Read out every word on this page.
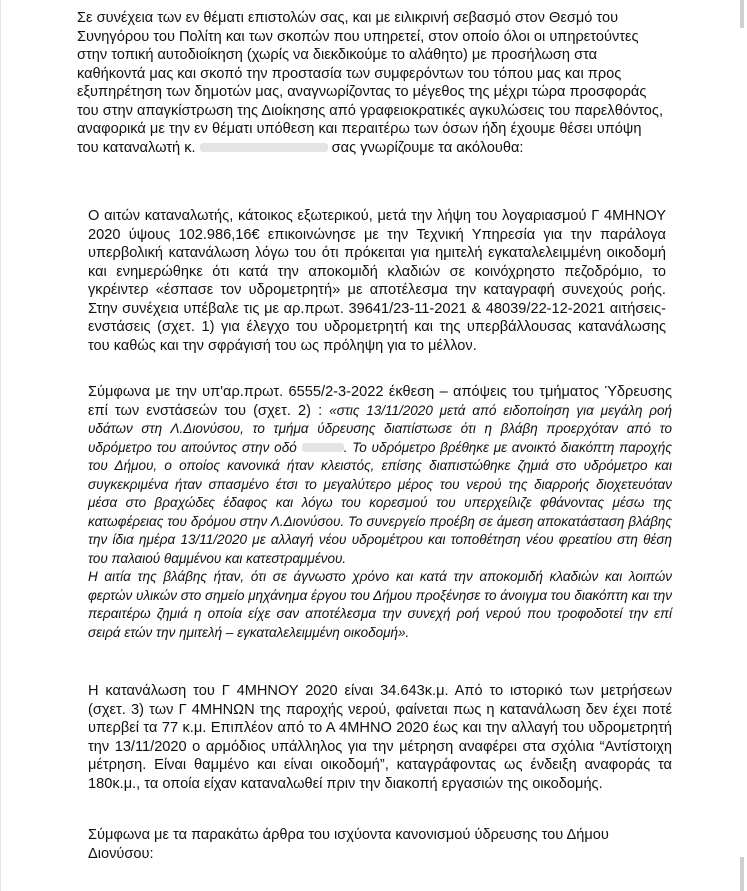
Σε συνέχεια των εν θέματι επιστολών σας, και με ειλικρινή σεβασμό στον Θεσμό του Συνηγόρου του Πολίτη και των σκοπών που υπηρετεί, στον οποίο όλοι οι υπηρετούντες στην τοπική αυτοδιοίκηση (χωρίς να διεκδικούμε το αλάθητο) με προσήλωση στα καθήκοντά μας και σκοπό την προστασία των συμφερόντων του τόπου μας και προς εξυπηρέτηση των δημοτών μας, αναγνωρίζοντας το μέγεθος της μέχρι τώρα προσφοράς του στην απαγκίστρωση της Διοίκησης από γραφειοκρατικές αγκυλώσεις του παρελθόντος, αναφορικά με την εν θέματι υπόθεση και περαιτέρω των όσων ήδη έχουμε θέσει υπόψη του καταναλωτή κ.	σας γνωρίζουμε τα ακόλουθα:

Ο αιτών καταναλωτής, κάτοικος εξωτερικού, μετά την λήψη του λογαριασμού Γ 4ΜΗΝΟΥ 2020 ύψους 102.986,16€ επικοινώνησε με την Τεχνική Υπηρεσία για την παράλογα υπερβολική κατανάλωση λόγω του ότι πρόκειται για ημιτελή εγκαταλελειμμένη οικοδομή και ενημερώθηκε ότι κατά την αποκομιδή κλαδιών σε κοινόχρηστο πεζοδρόμιο, το γκρέιντερ «έσπασε τον υδρομετρητή» με αποτέλεσμα την καταγραφή συνεχούς ροής. Στην συνέχεια υπέβαλε τις με αρ.πρωτ. 39641/23-11-2021 & 48039/22-12-2021 αιτήσεις-ενστάσεις (σχετ. 1) για έλεγχο του υδρομετρητή και της υπερβάλλουσας κατανάλωσης του καθώς και την σφράγισή του ως πρόληψη για το μέλλον.

Σύμφωνα με την υπ'αρ.πρωτ. 6555/2-3-2022 έκθεση – απόψεις του τμήματος Ύδρευσης επί των ενστάσεών του (σχετ. 2) : «στις 13/11/2020 μετά από ειδοποίηση για μεγάλη ροή υδάτων στη Λ.Διονύσου, το τμήμα ύδρευσης διαπίστωσε ότι η βλάβη προερχόταν από το υδρόμετρο του αιτούντος στην οδό	. Το υδρόμετρο βρέθηκε με ανοικτό διακόπτη παροχής του Δήμου, ο οποίος κανονικά ήταν κλειστός, επίσης διαπιστώθηκε ζημιά στο υδρόμετρο και συγκεκριμένα ήταν σπασμένο έτσι το μεγαλύτερο μέρος του νερού της διαρροής διοχετευόταν μέσα στο βραχώδες έδαφος και λόγω του κορεσμού του υπερχείλιζε φθάνοντας μέσω της κατωφέρειας του δρόμου στην Λ.Διονύσου. Το συνεργείο προέβη σε άμεση αποκατάσταση βλάβης την ίδια ημέρα 13/11/2020 με αλλαγή νέου υδρομέτρου και τοποθέτηση νέου φρεατίου στη θέση του παλαιού θαμμένου και κατεστραμμένου.
Η αιτία της βλάβης ήταν, ότι σε άγνωστο χρόνο και κατά την αποκομιδή κλαδιών και λοιπών φερτών υλικών στο σημείο μηχάνημα έργου του Δήμου προξένησε το άνοιγμα του διακόπτη και την περαιτέρω ζημιά η οποία είχε σαν αποτέλεσμα την συνεχή ροή νερού που τροφοδοτεί την επί σειρά ετών την ημιτελή – εγκαταλελειμμένη οικοδομή».

Η κατανάλωση του Γ 4ΜΗΝΟΥ 2020 είναι 34.643κ.μ. Από το ιστορικό των μετρήσεων (σχετ. 3) των Γ 4ΜΗΝΩΝ της παροχής νερού, φαίνεται πως η κατανάλωση δεν έχει ποτέ υπερβεί τα 77 κ.μ. Επιπλέον από το Α 4ΜΗΝΟ 2020 έως και την αλλαγή του υδρομετρητή την 13/11/2020 ο αρμόδιος υπάλληλος για την μέτρηση αναφέρει στα σχόλια “Αντίστοιχη μέτρηση. Είναι θαμμένο και είναι οικοδομή”, καταγράφοντας ως ένδειξη αναφοράς τα 180κ.μ., τα οποία είχαν καταναλωθεί πριν την διακοπή εργασιών της οικοδομής.

Σύμφωνα με τα παρακάτω άρθρα του ισχύοντα κανονισμού ύδρευσης του Δήμου Διονύσου:
